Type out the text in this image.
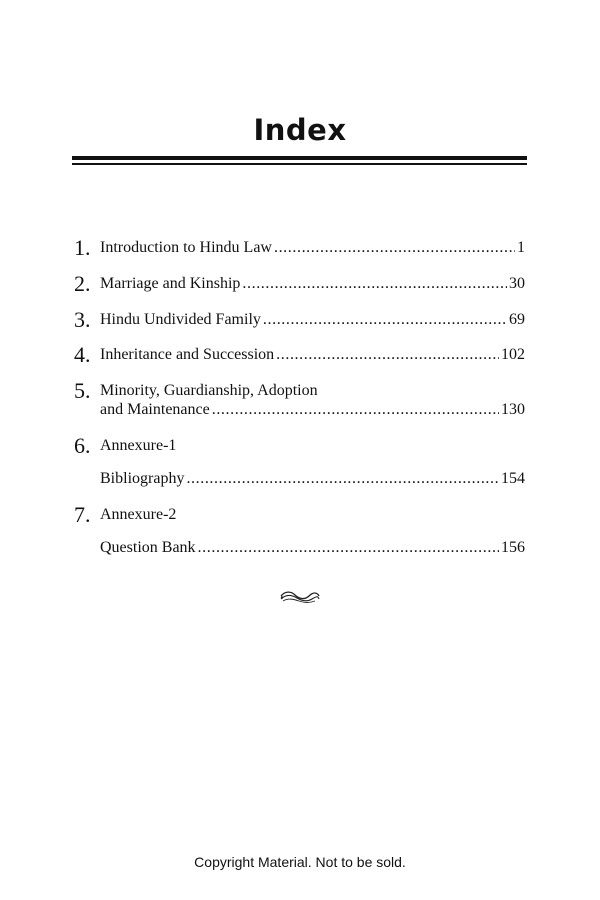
Index
1. Introduction to Hindu Law .....	1
2. Marriage and Kinship .....	30
3. Hindu Undivided Family .....	69
4. Inheritance and Succession .....	102
5. Minority, Guardianship, Adoption
and Maintenance .....	130
6. Annexure-1
Bibliography .....	154
7. Annexure-2
Question Bank .....	156
Copyright Material. Not to be sold.
